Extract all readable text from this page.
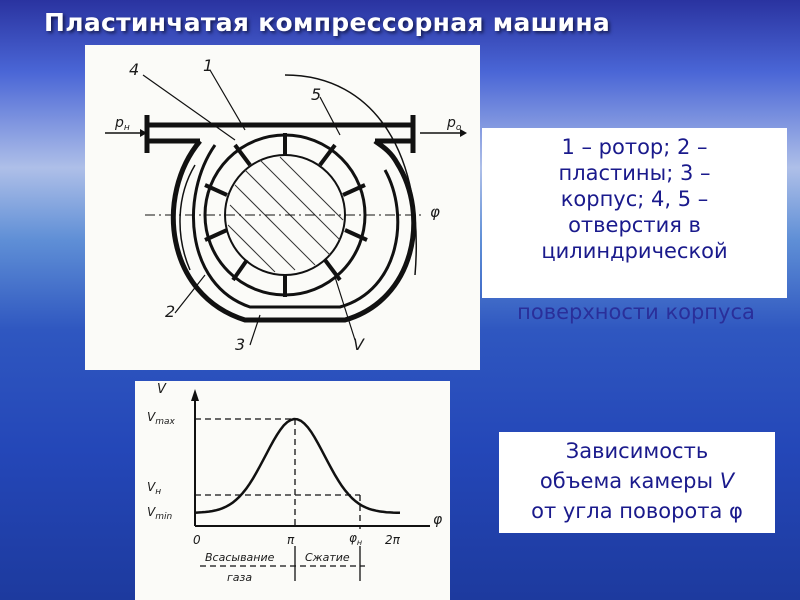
Пластинчатая компрессорная машина
4	1
5
2
3	V
φ
$p_н$	$p_о$
1 – ротор; 2 –
пластины; 3 –
корпус; 4, 5 –
отверстия в
цилиндрической
поверхности корпуса
V
$V_{max}$
$V_н$
$V_{min}$	φ
0	π	$\varphi_н$ 2π
Всасывание
газа
Сжатие
Зависимость
объема камеры V
от угла поворота φ
